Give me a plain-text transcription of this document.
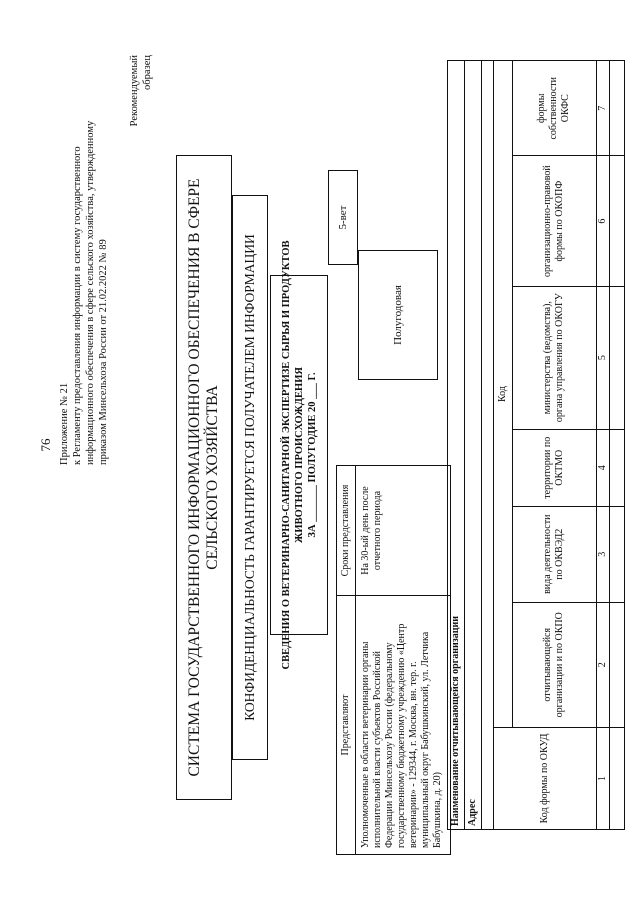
76 Приложение № 21 к Регламенту предоставления информации в систему государственного информационного обеспечения в сфере сельского хозяйства, утвержденному приказом Минсельхоза России от 21.02.2022 № 89
Рекомендуемый образец
СИСТЕМА ГОСУДАРСТВЕННОГО ИНФОРМАЦИОННОГО ОБЕСПЕЧЕНИЯ В СФЕРЕ СЕЛЬСКОГО ХОЗЯЙСТВА	КОНФИДЕНЦИАЛЬНОСТЬ ГАРАНТИРУЕТСЯ ПОЛУЧАТЕЛЕМ ИНФОРМАЦИИ	СВЕДЕНИЯ О ВЕТЕРИНАРНО-САНИТАРНОЙ ЭКСПЕРТИЗЕ СЫРЬЯ И ПРОДУКТОВ ЖИВОТНОГО ПРОИСХОЖДЕНИЯ ЗА _______ ПОЛУГОДИЕ 20 ___ Г.
5-вет
Полугодовая
Представляют	Сроки представления
Уполномоченные в области ветеринарии органы исполнительной власти субъектов Российской Федерации Минсельхозу России (федеральному государственному бюджетному учреждению «Центр ветеринарии» - 129344, г. Москва, вн. тер. г. муниципальный округ Бабушкинский, ул. Летчика Бабушкина, д. 20)	На 30-ый день после отчетного периода
Наименование отчитывающейся организации						
Адрес						

Код формы по ОКУД	Код					
	отчитывающейся организации и по ОКПО	вида деятельности по ОКВЭД2	территории по ОКТМО	министерства (ведомства), органа управления по ОКОГУ	организационно-правовой формы по ОКОПФ	формы собственности ОКФС
1	2	3	4	5	6	7
